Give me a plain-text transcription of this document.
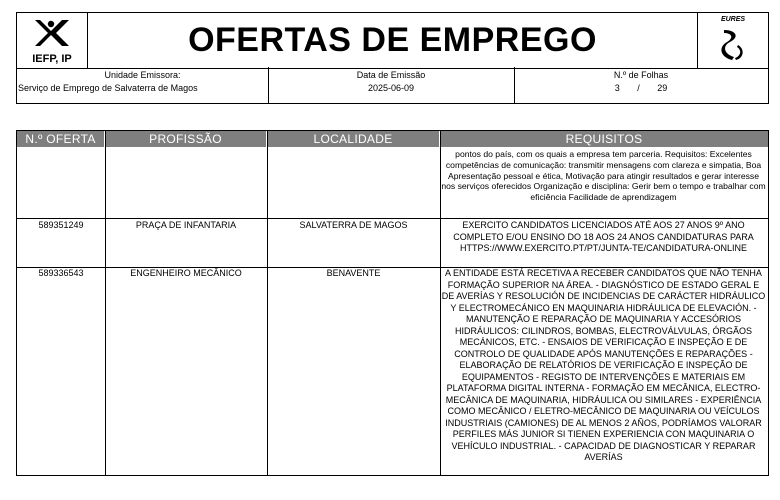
IEFP, IP	OFERTAS DE EMPREGO
EURES
Unidade Emissora:
Serviço de Emprego de Salvaterra de Magos
Data de Emissão
2025-06-09
N.º de Folhas
3 / 29
N.º OFERTA	PROFISSÃO	LOCALIDADE	REQUISITOS
pontos do país, com os quais a empresa tem parceria. Requisitos: Excelentes competências de comunicação: transmitir mensagens com clareza e simpatia, Boa Apresentação pessoal e ética, Motivação para atingir resultados e gerar interesse nos serviços oferecidos Organização e disciplina: Gerir bem o tempo e trabalhar com eficiência Facilidade de aprendizagem
589351249	PRAÇA DE INFANTARIA	SALVATERRA DE MAGOS	EXERCITO CANDIDATOS LICENCIADOS ATÉ AOS 27 ANOS 9º ANO COMPLETO E/OU ENSINO DO 18 AOS 24 ANOS CANDIDATURAS PARA HTTPS://WWW.EXERCITO.PT/PT/JUNTA-TE/CANDIDATURA-ONLINE
589336543	ENGENHEIRO MECÂNICO	BENAVENTE	A ENTIDADE ESTÁ RECETIVA A RECEBER CANDIDATOS QUE NÃO TENHA FORMAÇÃO SUPERIOR NA ÁREA. - DIAGNÓSTICO DE ESTADO GERAL E DE AVERÍAS Y RESOLUCIÓN DE INCIDENCIAS DE CARÁCTER HIDRÁULICO Y ELECTROMECÁNICO EN MAQUINARIA HIDRÁULICA DE ELEVACIÓN. - MANUTENÇÃO E REPARAÇÃO DE MAQUINARIA Y ACCESÓRIOS HIDRÁULICOS: CILINDROS, BOMBAS, ELECTROVÁLVULAS, ÓRGÃOS MECÁNICOS, ETC. - ENSAIOS DE VERIFICAÇÃO E INSPEÇÃO E DE CONTROLO DE QUALIDADE APÓS MANUTENÇÕES E REPARAÇÕES - ELABORAÇÃO DE RELATÓRIOS DE VERIFICAÇÃO E INSPEÇÃO DE EQUIPAMENTOS - REGISTO DE INTERVENÇÕES E MATERIAIS EM PLATAFORMA DIGITAL INTERNA - FORMAÇÃO EM MECÂNICA, ELECTRO-MECÂNICA DE MAQUINARIA, HIDRÁULICA OU SIMILARES - EXPERIÊNCIA COMO MECÂNICO / ELETRO-MECÂNICO DE MAQUINARIA OU VEÍCULOS INDUSTRIAIS (CAMIONES) DE AL MENOS 2 AÑOS, PODRÍAMOS VALORAR PERFILES MÁS JUNIOR SI TIENEN EXPERIENCIA CON MAQUINARIA O VEHÍCULO INDUSTRIAL. - CAPACIDAD DE DIAGNOSTICAR Y REPARAR AVERÍAS
